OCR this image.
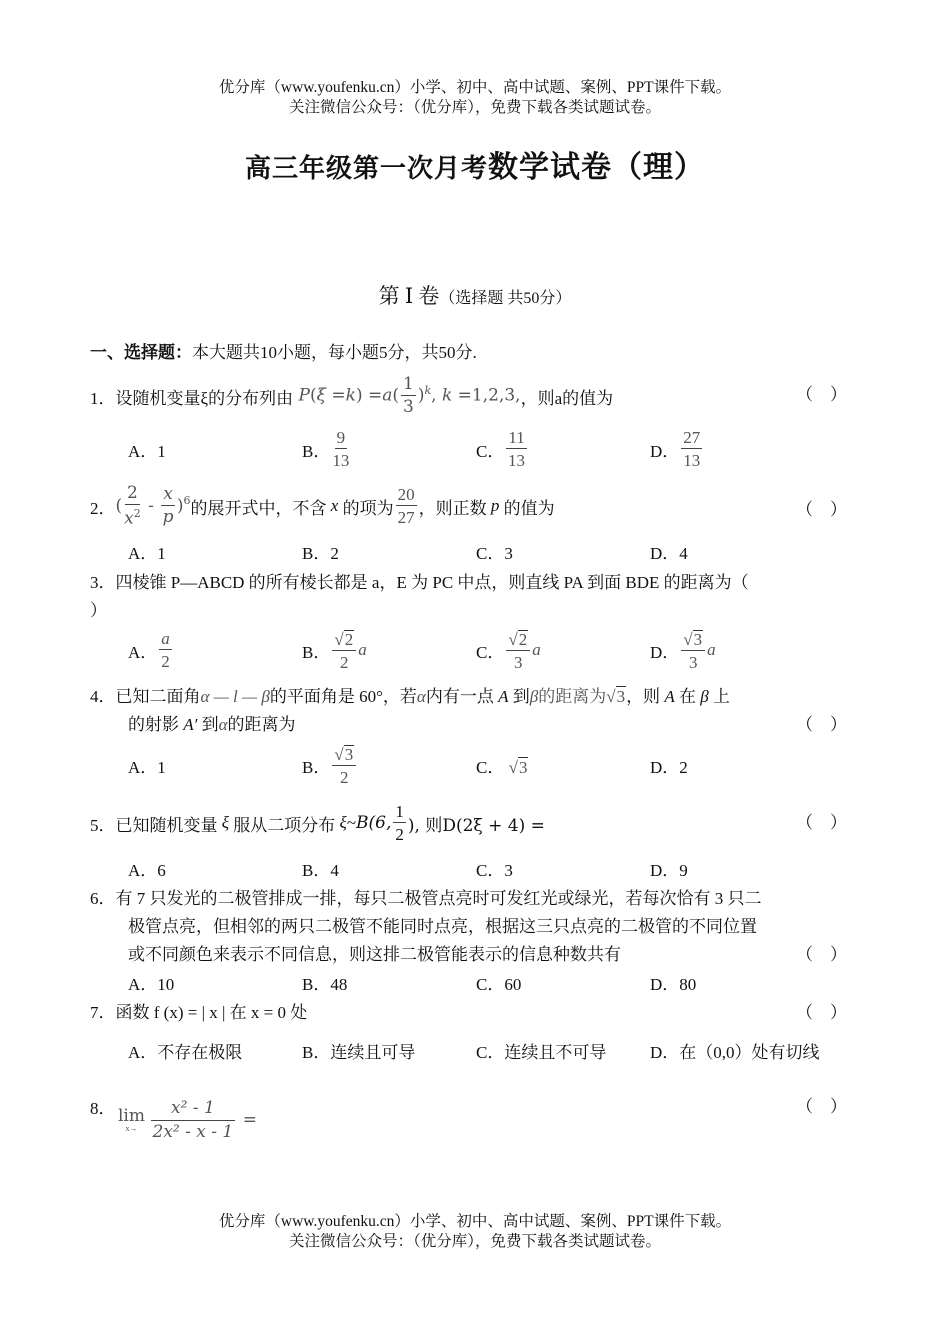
优分库（www.youfenku.cn）小学、初中、高中试题、案例、PPT课件下载。
关注微信公众号：（优分库），免费下载各类试题试卷。
高三年级第一次月考数学试卷（理）
第 Ⅰ 卷（选择题 共50分）
一、选择题：本大题共10小题，每小题5分，共50分.
1． 设随机变量ξ的分布列由 $P(\xi =k) =a( \frac{1}{3} )^k$, k =1,2,3, ，则a的值为	（　）
A．1	B． $\frac{9}{13}$	C． $\frac{11}{13}$	D． $\frac{27}{13}$
2． ( $\frac{2}{x^2} - \frac{x}{p} )^6$ 的展开式中，不含 x 的项为 $\frac{20}{27}$ ，则正数 p 的值为	（　）
A．1	B．2	C．3	D．4
3．四棱锥 P—ABCD 的所有棱长都是 a，E 为 PC 中点，则直线 PA 到面 BDE 的距离为（
）
A． $\frac{a}{2}$	B． $\frac{√2}{2}$ a	C． $\frac{√2}{3}$ a	D． $\frac{√3}{3}$ a
4．已知二面角α — l — β的平面角是 60°，若α内有一点 A 到β的距离为√3，则 A 在 β 上
的射影 A′ 到α的距离为	（　）
A．1	B． $\frac{√3}{2}$	C． √3	D．2
5． 已知随机变量 ξ 服从二项分布 ξ ~ B(6, $\frac{1}{2}$ ), 则D(2ξ + 4) =	（　）
A．6	B．4	C．3	D．9
6．有 7 只发光的二极管排成一排，每只二极管点亮时可发红光或绿光，若每次恰有 3 只二
极管点亮，但相邻的两只二极管不能同时点亮，根据这三只点亮的二极管的不同位置
或不同颜色来表示不同信息，则这排二极管能表示的信息种数共有	（　）
A．10	B．48	C．60	D．80
7．函数 f (x) = | x | 在 x = 0 处	（　）
A．不存在极限	B．连续且可导	C．连续且不可导	D．在（0,0）处有切线
8．	（　）
lim
$x\to \frac{\text{x² - 1}}{\text{2x² - x - 1}}$ =
优分库（www.youfenku.cn）小学、初中、高中试题、案例、PPT课件下载。
关注微信公众号：（优分库），免费下载各类试题试卷。
